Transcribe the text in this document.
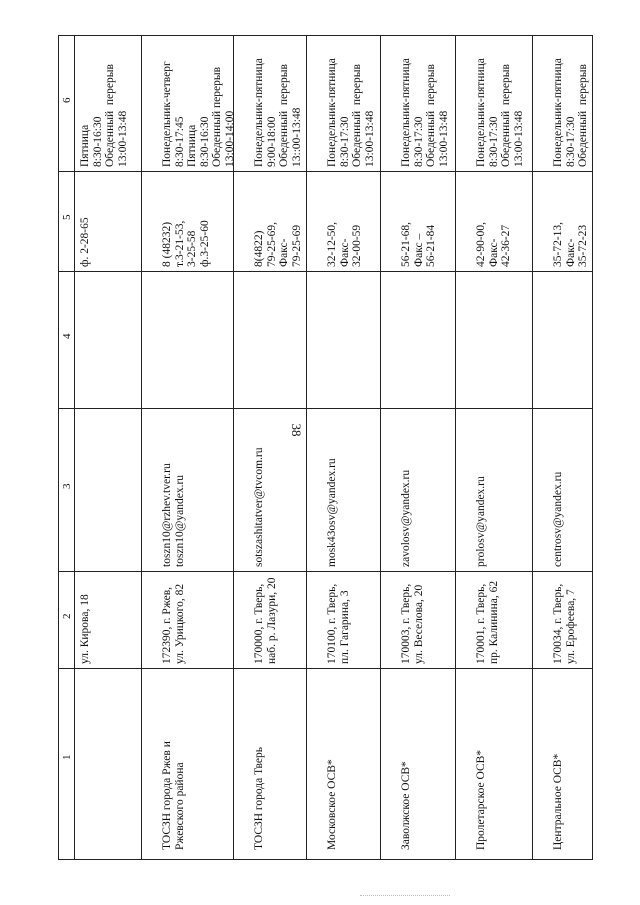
38
1
2
3
4
5
6
ул. Кирова, 18
ф. 2-28-65
Пятница 8:30-16:30 Обеденный  перерыв 13:00-13:48
ТОСЗН города Ржев и Ржевского района
172390, г. Ржев, ул. Урицкого, 82
toszn10@rzhev.tver.ru toszn10@yandex.ru
8 (48232) т.3-21-53, 3-25-58 ф.3-25-60
Понедельник-четверг 8:30-17:45 Пятница 8:30-16:30 Обеденный перерыв 13:00-14:00
ТОСЗН города Тверь
170000, г. Тверь, наб. р. Лазури, 20
sotszashitatver@tvcom.ru
8(4822) 79-25-69, Факс- 79-25-69
Понедельник-пятница 9:00-18:00 Обеденный  перерыв 13::00-13:48
Московское ОСВ*
170100, г. Тверь, пл. Гагарина, 3
mosk43osv@yandex.ru
32-12-50, Факс- 32-00-59
Понедельник-пятница 8:30-17:30 Обеденный  перерыв 13:00-13:48
Заволжское ОСВ*
170003, г. Тверь, ул. Веселова, 20
zavolosv@yandex.ru
56-21-68, Факс – 56-21-84
Понедельник-пятница 8:30-17:30 Обеденный  перерыв 13:00-13:48
Пролетарское ОСВ*
170001, г. Тверь, пр. Калинина, 62
prolosv@yandex.ru
42-90-00, Факс- 42-36-27
Понедельник-пятница 8:30-17:30 Обеденный  перерыв 13:00-13:48
Центральное ОСВ*
170034, г. Тверь, ул. Ерофеева, 7
centrosv@yandex.ru
35-72-13, Факс- 35-72-23
Понедельник-пятница 8:30-17:30 Обеденный  перерыв
